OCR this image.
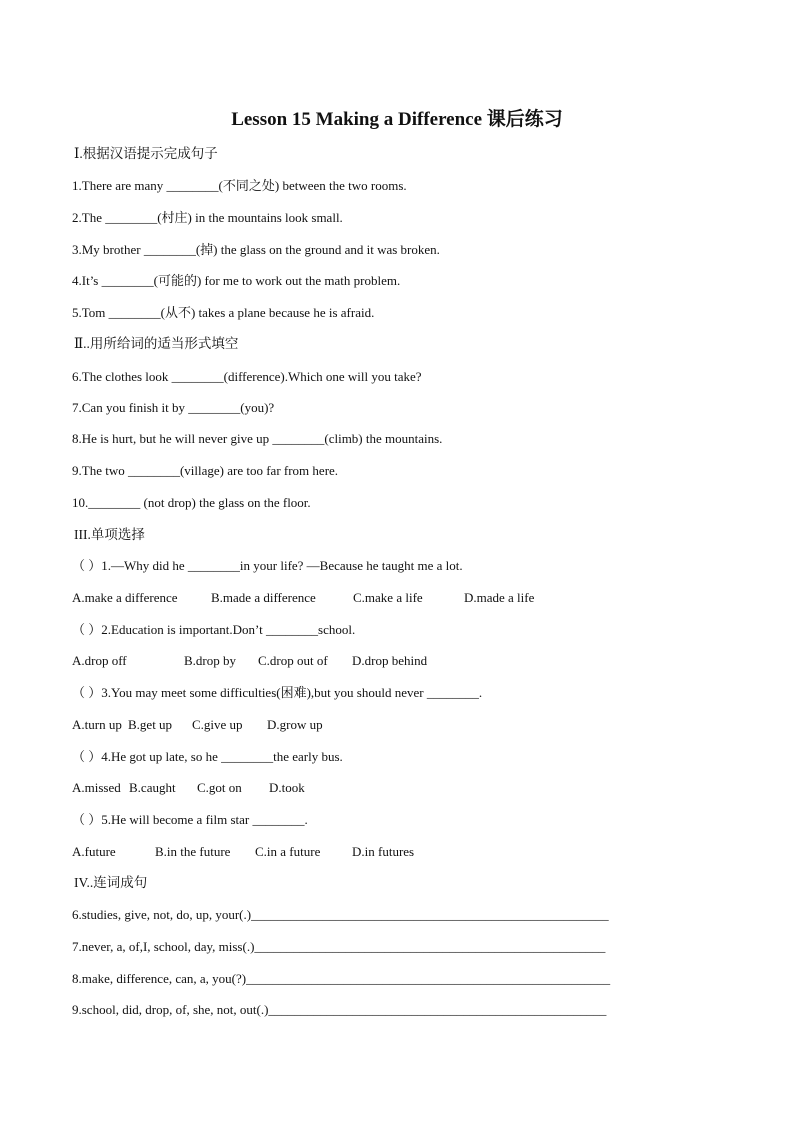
Lesson 15 Making a Difference 课后练习
Ⅰ.根据汉语提示完成句子
1.There are many ________(不同之处) between the two rooms.
2.The ________(村庄) in the mountains look small.
3.My brother ________(掉) the glass on the ground and it was broken.
4.It’s ________(可能的) for me to work out the math problem.
5.Tom ________(从不) takes a plane because he is afraid.
Ⅱ..用所给词的适当形式填空
6.The clothes look ________(difference).Which one will you take?
7.Can you finish it by ________(you)?
8.He is hurt, but he will never give up ________(climb) the mountains.
9.The two ________(village) are too far from here.
10.________ (not drop) the glass on the floor.
III.单项选择
（ ）1.—Why did he ________in your life? —Because he taught me a lot.
A.make a difference	B.made a difference	C.make a life	D.made a life
（ ）2.Education is important.Don’t ________school.
A.drop off	B.drop by C.drop out of D.drop behind
（ ）3.You may meet some difficulties(困难),but you should never ________.
A.turn up B.get up C.give up D.grow up
（ ）4.He got up late, so he ________the early bus.
A.missed B.caught C.got on D.took
（ ）5.He will become a film star ________.
A.future	B.in the future C.in a future D.in futures
IV..连词成句
6.studies, give, not, do, up, your(.)_______________________________________________________
7.never, a, of,I, school, day, miss(.)______________________________________________________
8.make, difference, can, a, you(?)________________________________________________________
9.school, did, drop, of, she, not, out(.)____________________________________________________
